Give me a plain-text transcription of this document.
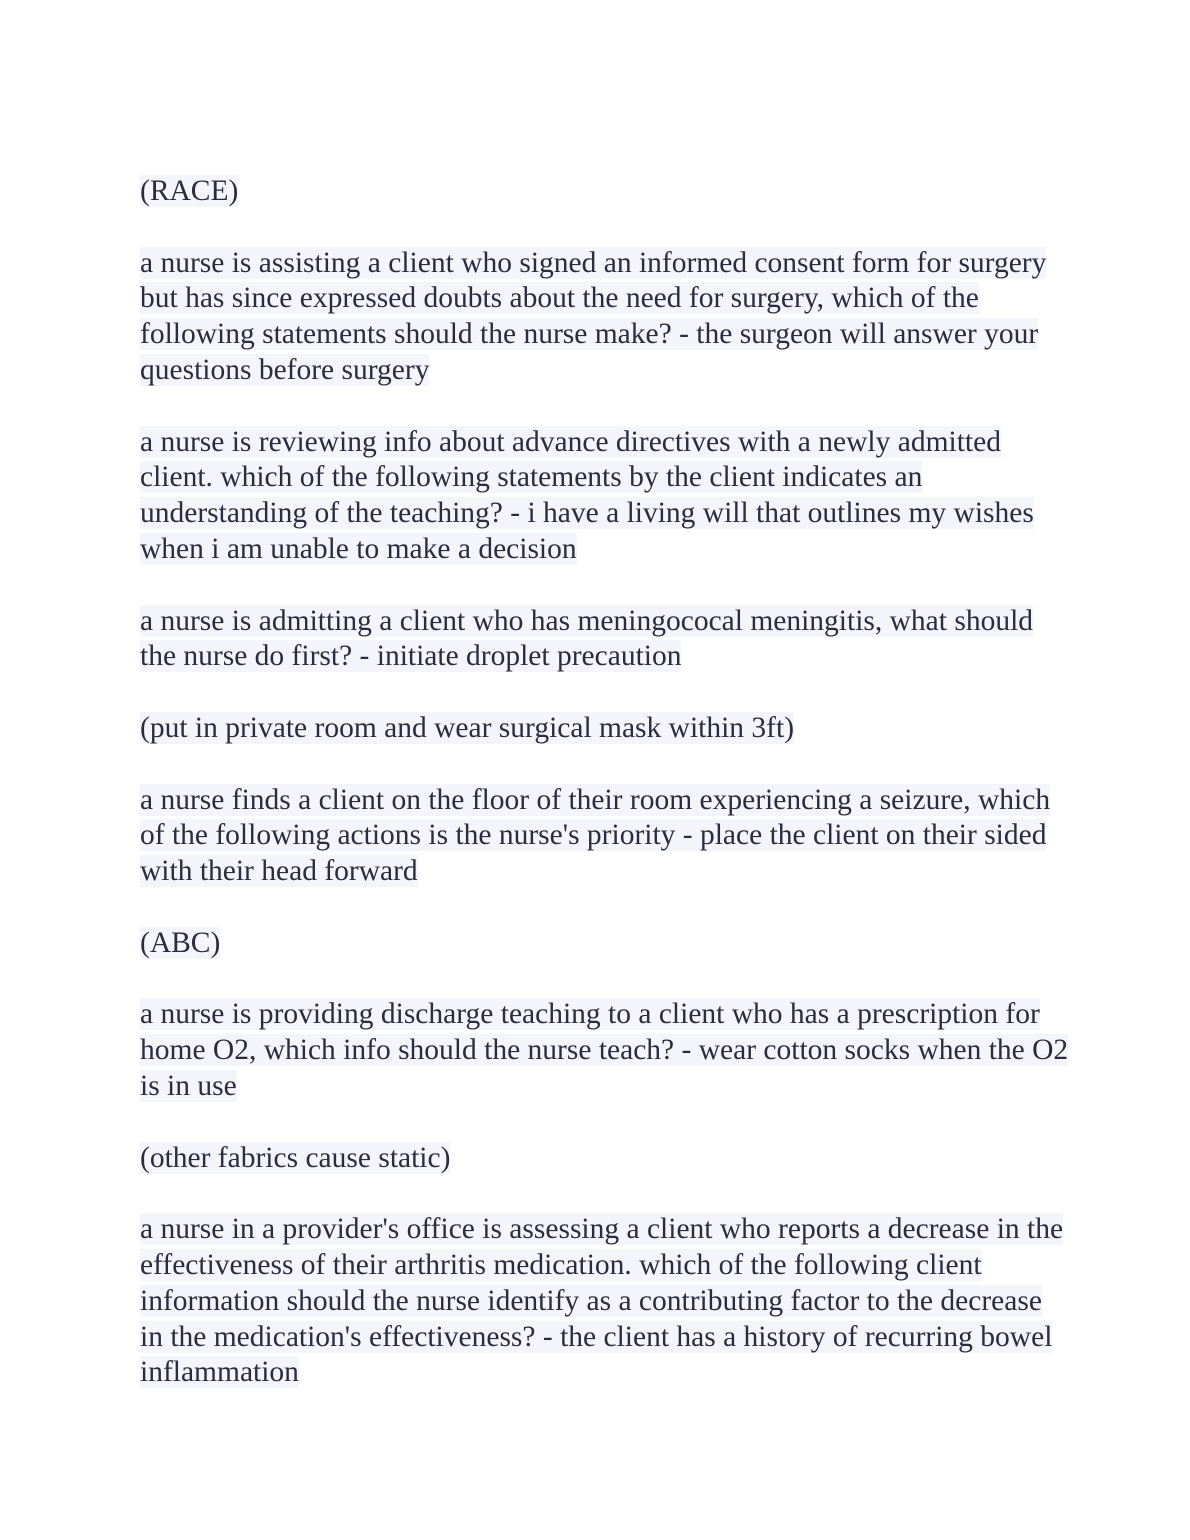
(RACE)

a nurse is assisting a client who signed an informed consent form for surgery but has since expressed doubts about the need for surgery, which of the following statements should the nurse make? - the surgeon will answer your questions before surgery

a nurse is reviewing info about advance directives with a newly admitted client. which of the following statements by the client indicates an understanding of the teaching? - i have a living will that outlines my wishes when i am unable to make a decision

a nurse is admitting a client who has meningococal meningitis, what should the nurse do first? - initiate droplet precaution

(put in private room and wear surgical mask within 3ft)

a nurse finds a client on the floor of their room experiencing a seizure, which of the following actions is the nurse's priority - place the client on their sided with their head forward

(ABC)

a nurse is providing discharge teaching to a client who has a prescription for home O2, which info should the nurse teach? - wear cotton socks when the O2 is in use

(other fabrics cause static)

a nurse in a provider's office is assessing a client who reports a decrease in the effectiveness of their arthritis medication. which of the following client information should the nurse identify as a contributing factor to the decrease in the medication's effectiveness? - the client has a history of recurring bowel inflammation
